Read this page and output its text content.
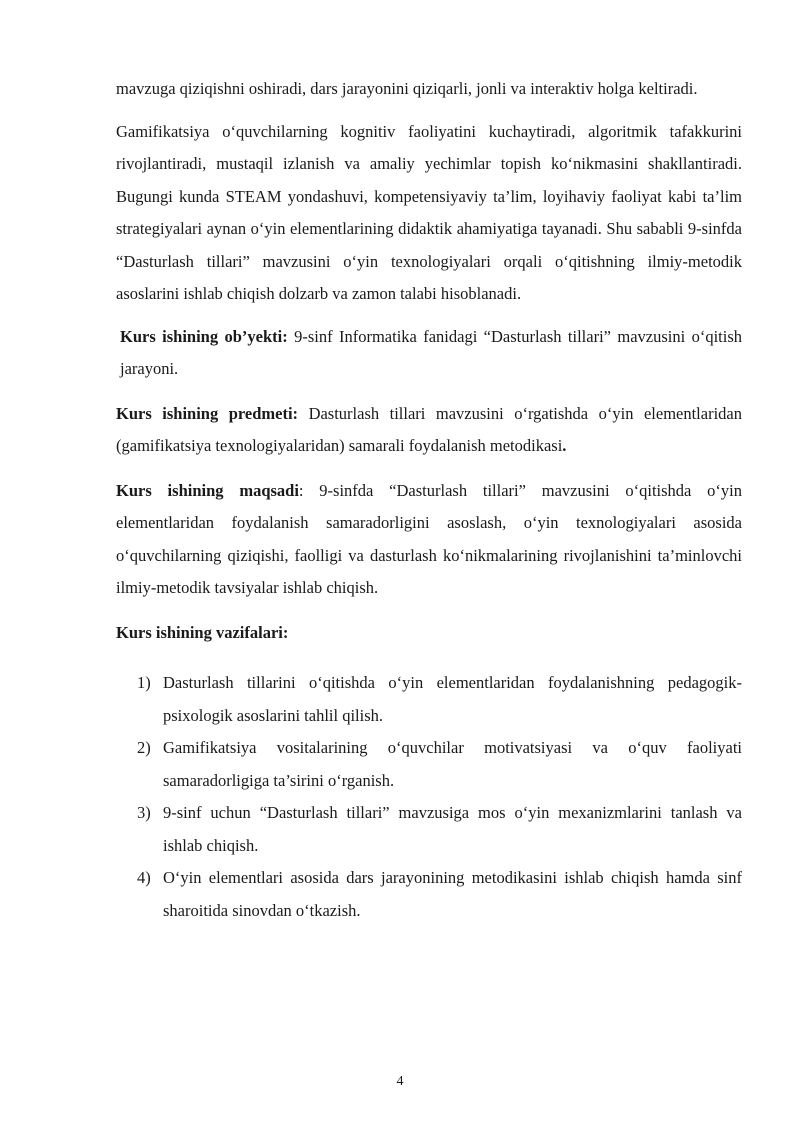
mavzuga qiziqishni oshiradi, dars jarayonini qiziqarli, jonli va interaktiv holga keltiradi.

Gamifikatsiya o‘quvchilarning kognitiv faoliyatini kuchaytiradi, algoritmik tafakkurini rivojlantiradi, mustaqil izlanish va amaliy yechimlar topish ko‘nikmasini shakllantiradi. Bugungi kunda STEAM yondashuvi, kompetensiyaviy ta’lim, loyihaviy faoliyat kabi ta’lim strategiyalari aynan o‘yin elementlarining didaktik ahamiyatiga tayanadi. Shu sababli 9-sinfda “Dasturlash tillari” mavzusini o‘yin texnologiyalari orqali o‘qitishning ilmiy-metodik asoslarini ishlab chiqish dolzarb va zamon talabi hisoblanadi.

Kurs ishining ob’yekti: 9-sinf Informatika fanidagi “Dasturlash tillari” mavzusini o‘qitish jarayoni.

Kurs ishining predmeti: Dasturlash tillari mavzusini o‘rgatishda o‘yin elementlaridan (gamifikatsiya texnologiyalaridan) samarali foydalanish metodikasi.

Kurs ishining maqsadi: 9-sinfda “Dasturlash tillari” mavzusini o‘qitishda o‘yin elementlaridan foydalanish samaradorligini asoslash, o‘yin texnologiyalari asosida o‘quvchilarning qiziqishi, faolligi va dasturlash ko‘nikmalarining rivojlanishini ta’minlovchi ilmiy-metodik tavsiyalar ishlab chiqish.

Kurs ishining vazifalari:

1) Dasturlash tillarini o‘qitishda o‘yin elementlaridan foydalanishning pedagogik-psixologik asoslarini tahlil qilish.
2) Gamifikatsiya vositalarining o‘quvchilar motivatsiyasi va o‘quv faoliyati samaradorligiga ta’sirini o‘rganish.
3) 9-sinf uchun “Dasturlash tillari” mavzusiga mos o‘yin mexanizmlarini tanlash va ishlab chiqish.
4) O‘yin elementlari asosida dars jarayonining metodikasini ishlab chiqish hamda sinf sharoitida sinovdan o‘tkazish.
4
